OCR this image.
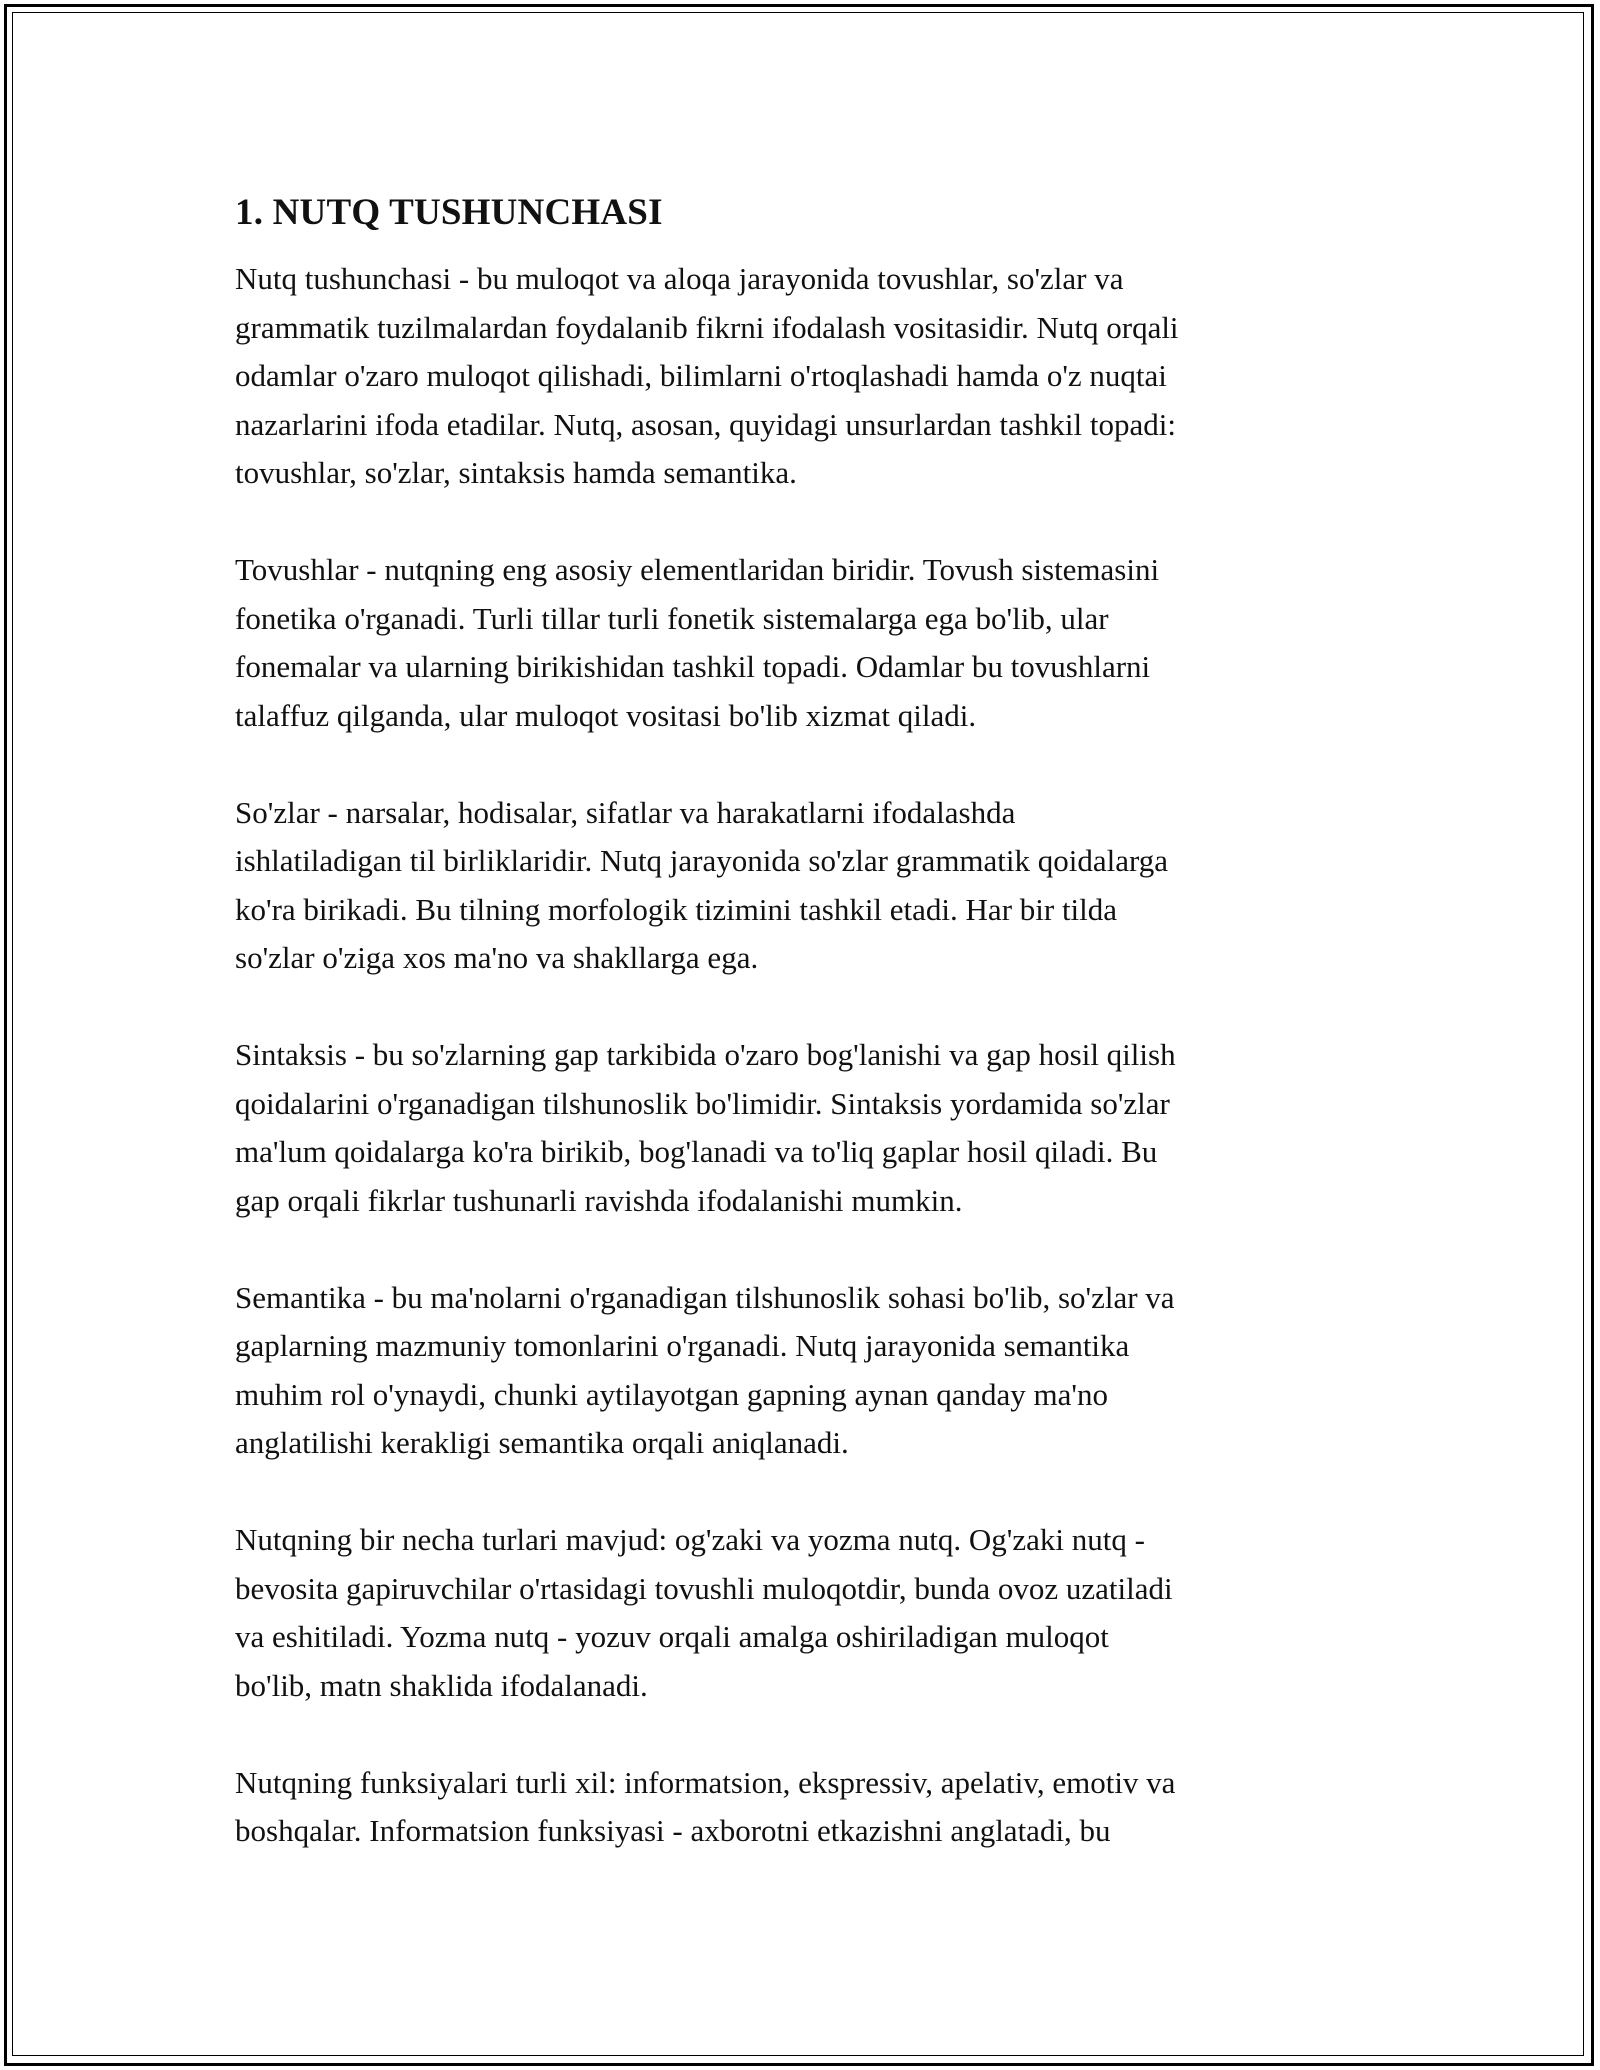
1. NUTQ TUSHUNCHASI
Nutq tushunchasi - bu muloqot va aloqa jarayonida tovushlar, so'zlar va
grammatik tuzilmalardan foydalanib fikrni ifodalash vositasidir. Nutq orqali
odamlar o'zaro muloqot qilishadi, bilimlarni o'rtoqlashadi hamda o'z nuqtai
nazarlarini ifoda etadilar. Nutq, asosan, quyidagi unsurlardan tashkil topadi:
tovushlar, so'zlar, sintaksis hamda semantika.
Tovushlar - nutqning eng asosiy elementlaridan biridir. Tovush sistemasini
fonetika o'rganadi. Turli tillar turli fonetik sistemalarga ega bo'lib, ular
fonemalar va ularning birikishidan tashkil topadi. Odamlar bu tovushlarni
talaffuz qilganda, ular muloqot vositasi bo'lib xizmat qiladi.
So'zlar - narsalar, hodisalar, sifatlar va harakatlarni ifodalashda
ishlatiladigan til birliklaridir. Nutq jarayonida so'zlar grammatik qoidalarga
ko'ra birikadi. Bu tilning morfologik tizimini tashkil etadi. Har bir tilda
so'zlar o'ziga xos ma'no va shakllarga ega.
Sintaksis - bu so'zlarning gap tarkibida o'zaro bog'lanishi va gap hosil qilish
qoidalarini o'rganadigan tilshunoslik bo'limidir. Sintaksis yordamida so'zlar
ma'lum qoidalarga ko'ra birikib, bog'lanadi va to'liq gaplar hosil qiladi. Bu
gap orqali fikrlar tushunarli ravishda ifodalanishi mumkin.
Semantika - bu ma'nolarni o'rganadigan tilshunoslik sohasi bo'lib, so'zlar va
gaplarning mazmuniy tomonlarini o'rganadi. Nutq jarayonida semantika
muhim rol o'ynaydi, chunki aytilayotgan gapning aynan qanday ma'no
anglatilishi kerakligi semantika orqali aniqlanadi.
Nutqning bir necha turlari mavjud: og'zaki va yozma nutq. Og'zaki nutq -
bevosita gapiruvchilar o'rtasidagi tovushli muloqotdir, bunda ovoz uzatiladi
va eshitiladi. Yozma nutq - yozuv orqali amalga oshiriladigan muloqot
bo'lib, matn shaklida ifodalanadi.
Nutqning funksiyalari turli xil: informatsion, ekspressiv, apelativ, emotiv va
boshqalar. Informatsion funksiyasi - axborotni etkazishni anglatadi, bu
